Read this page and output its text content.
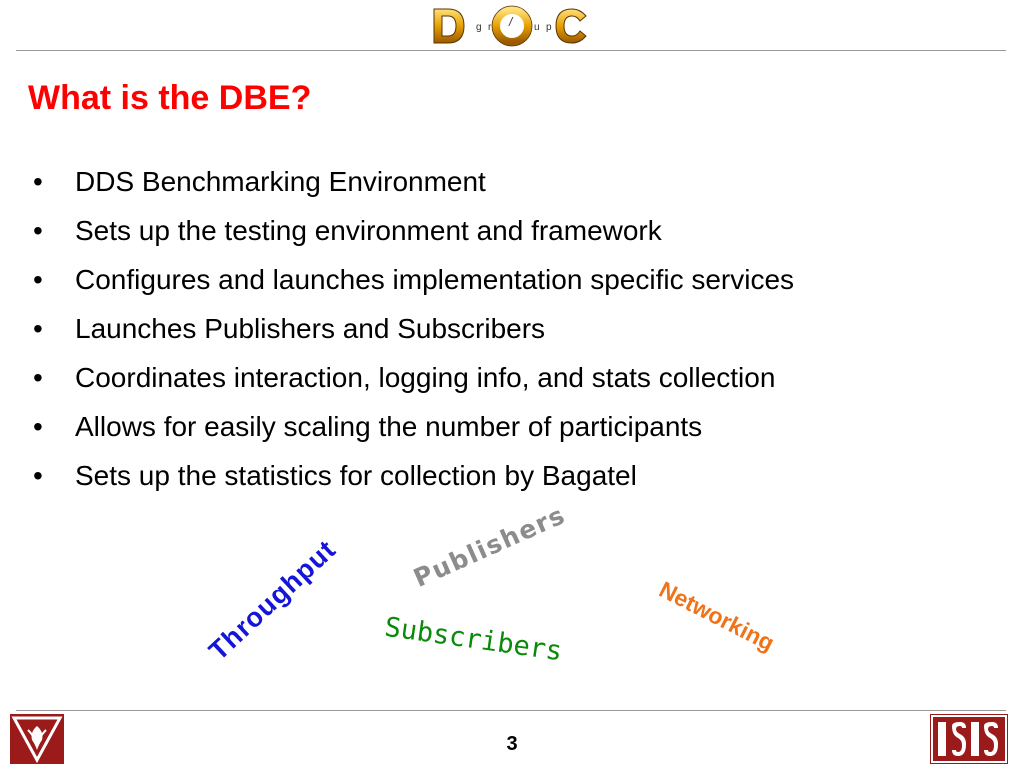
g r / u p
What is the DBE?
• DDS Benchmarking Environment
• Sets up the testing environment and framework
• Configures and launches implementation specific services
• Launches Publishers and Subscribers
• Coordinates interaction, logging info, and stats collection
• Allows for easily scaling the number of participants
• Sets up the statistics for collection by Bagatel
Throughput	Publishers
Subscribers	Networking
3
